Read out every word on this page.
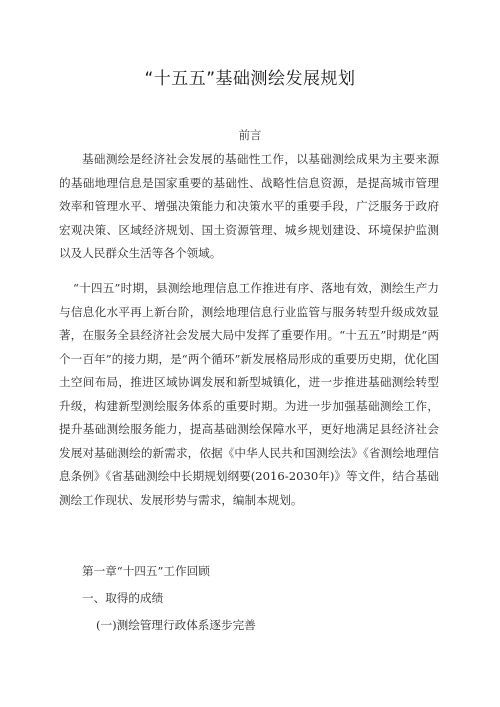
“十五五”基础测绘发展规划
前言

基础测绘是经济社会发展的基础性工作，以基础测绘成果为主要来源的基础地理信息是国家重要的基础性、战略性信息资源，是提高城市管理效率和管理水平、增强决策能力和决策水平的重要手段，广泛服务于政府宏观决策、区域经济规划、国土资源管理、城乡规划建设、环境保护监测以及人民群众生活等各个领域。

“十四五”时期，县测绘地理信息工作推进有序、落地有效，测绘生产力与信息化水平再上新台阶，测绘地理信息行业监管与服务转型升级成效显著，在服务全县经济社会发展大局中发挥了重要作用。“十五五”时期是“两个一百年”的接力期，是“两个循环”新发展格局形成的重要历史期，优化国土空间布局，推进区域协调发展和新型城镇化，进一步推进基础测绘转型升级，构建新型测绘服务体系的重要时期。为进一步加强基础测绘工作，提升基础测绘服务能力，提高基础测绘保障水平，更好地满足县经济社会发展对基础测绘的新需求，依据《中华人民共和国测绘法》《省测绘地理信息条例》《省基础测绘中长期规划纲要(2016-2030年)》等文件，结合基础测绘工作现状、发展形势与需求，编制本规划。

第一章“十四五”工作回顾

一、取得的成绩

(一)测绘管理行政体系逐步完善
